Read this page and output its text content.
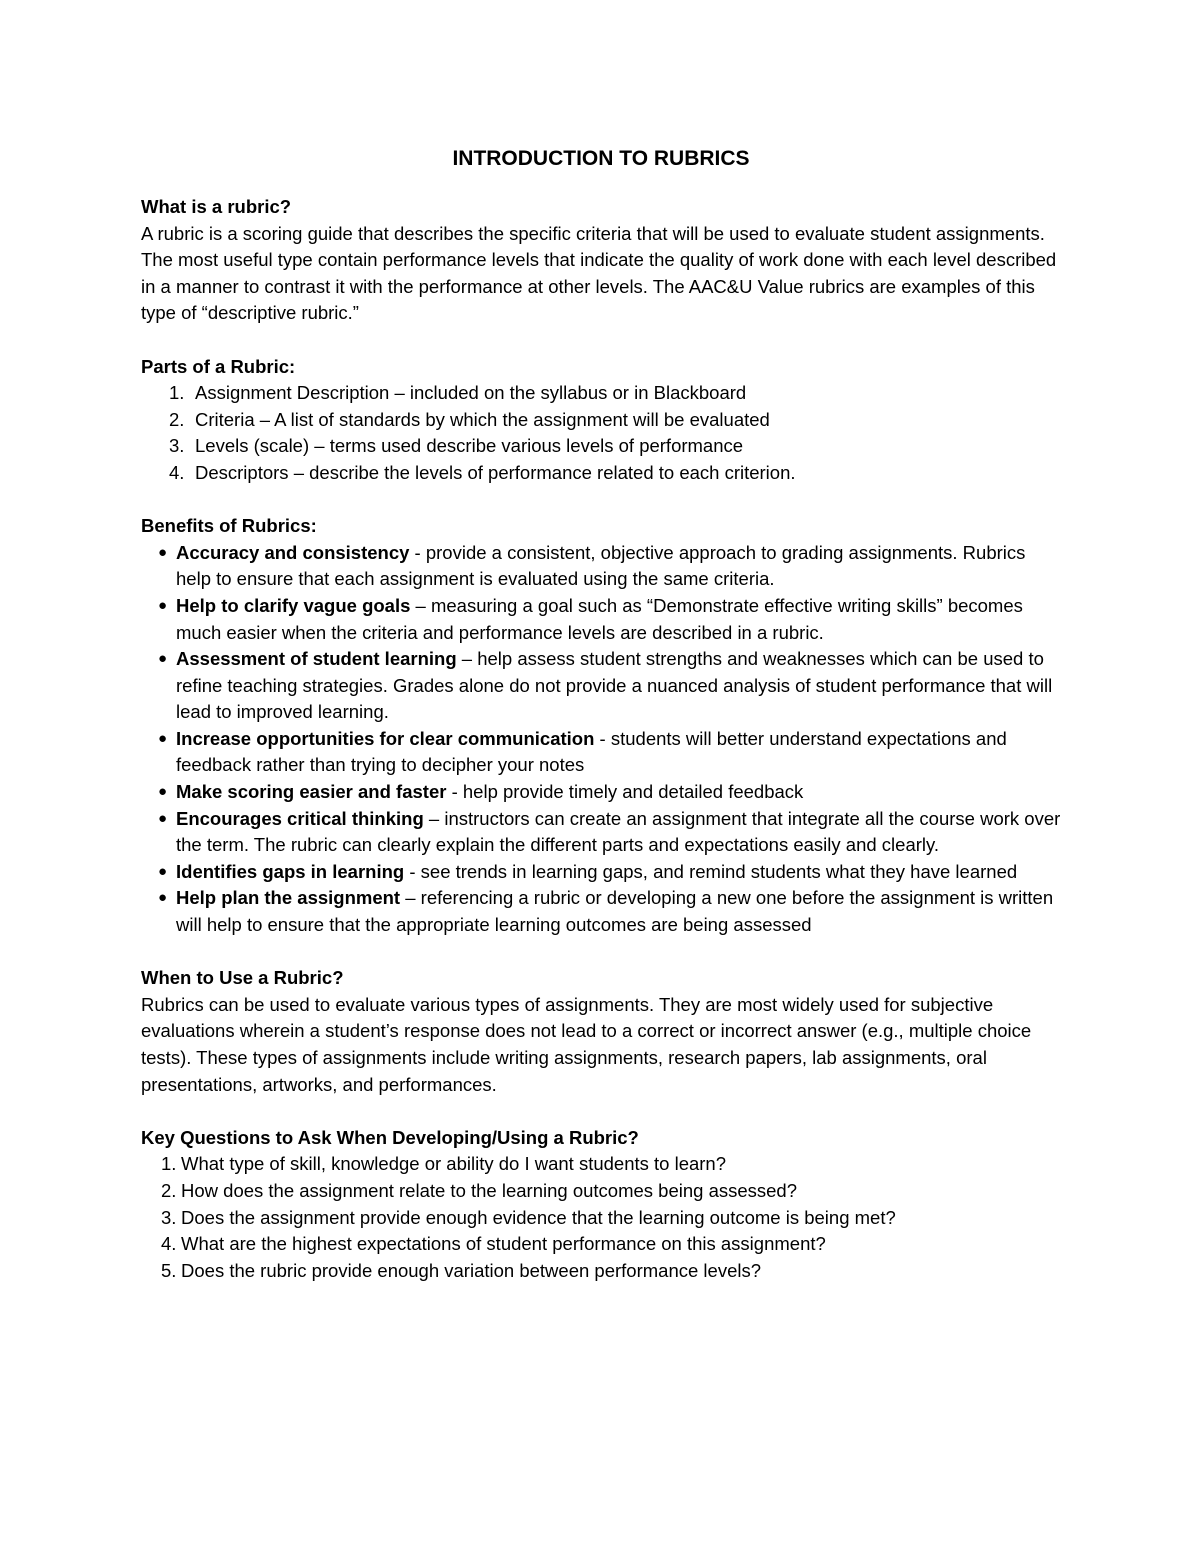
INTRODUCTION TO RUBRICS

What is a rubric?

A rubric is a scoring guide that describes the specific criteria that will be used to evaluate student assignments. The most useful type contain performance levels that indicate the quality of work done with each level described in a manner to contrast it with the performance at other levels. The AAC&U Value rubrics are examples of this type of “descriptive rubric.”

Parts of a Rubric:

1. Assignment Description – included on the syllabus or in Blackboard
2. Criteria – A list of standards by which the assignment will be evaluated
3. Levels (scale) – terms used describe various levels of performance
4. Descriptors – describe the levels of performance related to each criterion.

Benefits of Rubrics:

● Accuracy and consistency - provide a consistent, objective approach to grading assignments. Rubrics help to ensure that each assignment is evaluated using the same criteria.
● Help to clarify vague goals – measuring a goal such as “Demonstrate effective writing skills” becomes much easier when the criteria and performance levels are described in a rubric.
● Assessment of student learning – help assess student strengths and weaknesses which can be used to refine teaching strategies. Grades alone do not provide a nuanced analysis of student performance that will lead to improved learning.
● Increase opportunities for clear communication - students will better understand expectations and feedback rather than trying to decipher your notes
● Make scoring easier and faster - help provide timely and detailed feedback
● Encourages critical thinking – instructors can create an assignment that integrate all the course work over the term. The rubric can clearly explain the different parts and expectations easily and clearly.
● Identifies gaps in learning - see trends in learning gaps, and remind students what they have learned
● Help plan the assignment – referencing a rubric or developing a new one before the assignment is written will help to ensure that the appropriate learning outcomes are being assessed

When to Use a Rubric?

Rubrics can be used to evaluate various types of assignments. They are most widely used for subjective evaluations wherein a student’s response does not lead to a correct or incorrect answer (e.g., multiple choice tests). These types of assignments include writing assignments, research papers, lab assignments, oral presentations, artworks, and performances.

Key Questions to Ask When Developing/Using a Rubric?

1. What type of skill, knowledge or ability do I want students to learn?
2. How does the assignment relate to the learning outcomes being assessed?
3. Does the assignment provide enough evidence that the learning outcome is being met?
4. What are the highest expectations of student performance on this assignment?
5. Does the rubric provide enough variation between performance levels?
